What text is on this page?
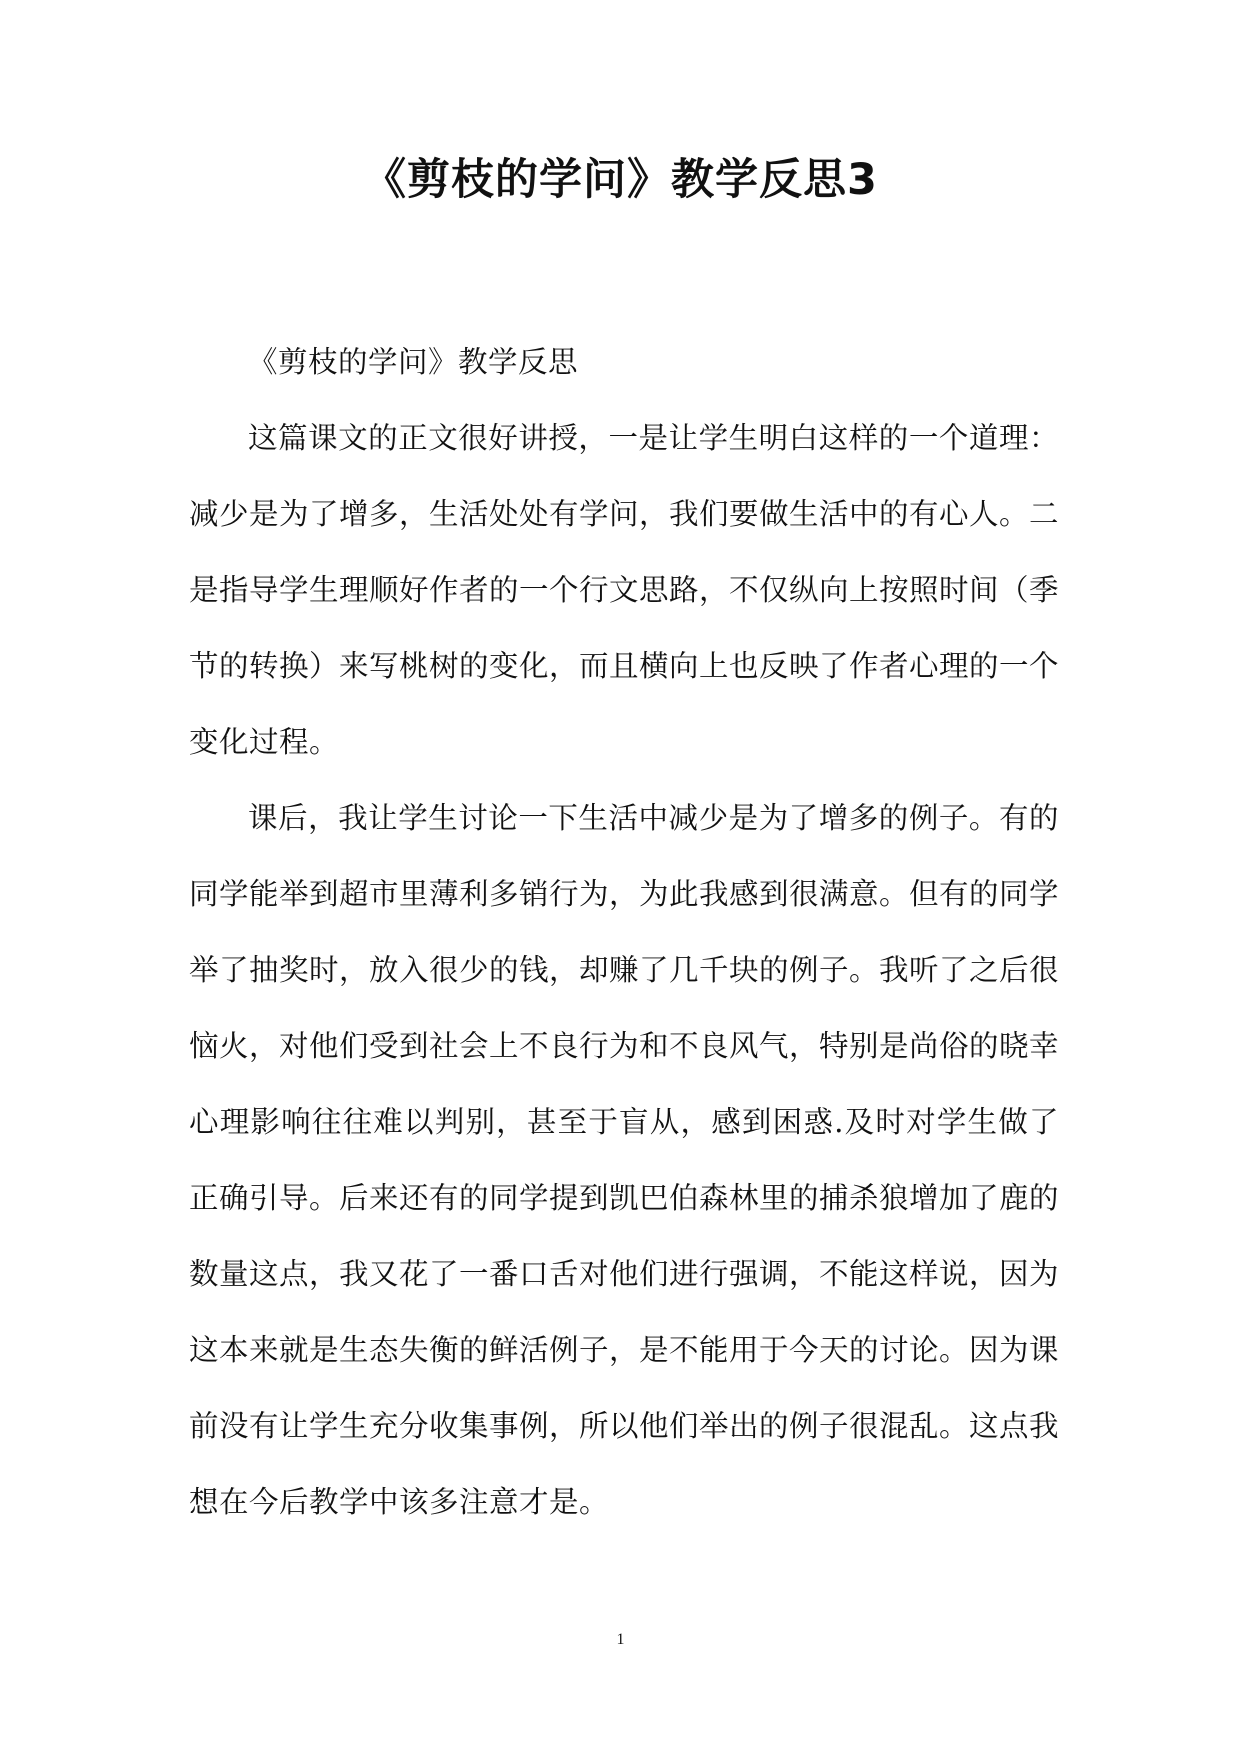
《剪枝的学问》教学反思3

《剪枝的学问》教学反思

这篇课文的正文很好讲授，一是让学生明白这样的一个道理：减少是为了增多，生活处处有学问，我们要做生活中的有心人。二是指导学生理顺好作者的一个行文思路，不仅纵向上按照时间（季节的转换）来写桃树的变化，而且横向上也反映了作者心理的一个变化过程。

课后，我让学生讨论一下生活中减少是为了增多的例子。有的同学能举到超市里薄利多销行为，为此我感到很满意。但有的同学举了抽奖时，放入很少的钱，却赚了几千块的例子。我听了之后很恼火，对他们受到社会上不良行为和不良风气，特别是尚俗的晓幸心理影响往往难以判别，甚至于盲从，感到困惑.及时对学生做了正确引导。后来还有的同学提到凯巴伯森林里的捕杀狼增加了鹿的数量这点，我又花了一番口舌对他们进行强调，不能这样说，因为这本来就是生态失衡的鲜活例子，是不能用于今天的讨论。因为课前没有让学生充分收集事例，所以他们举出的例子很混乱。这点我想在今后教学中该多注意才是。

1
